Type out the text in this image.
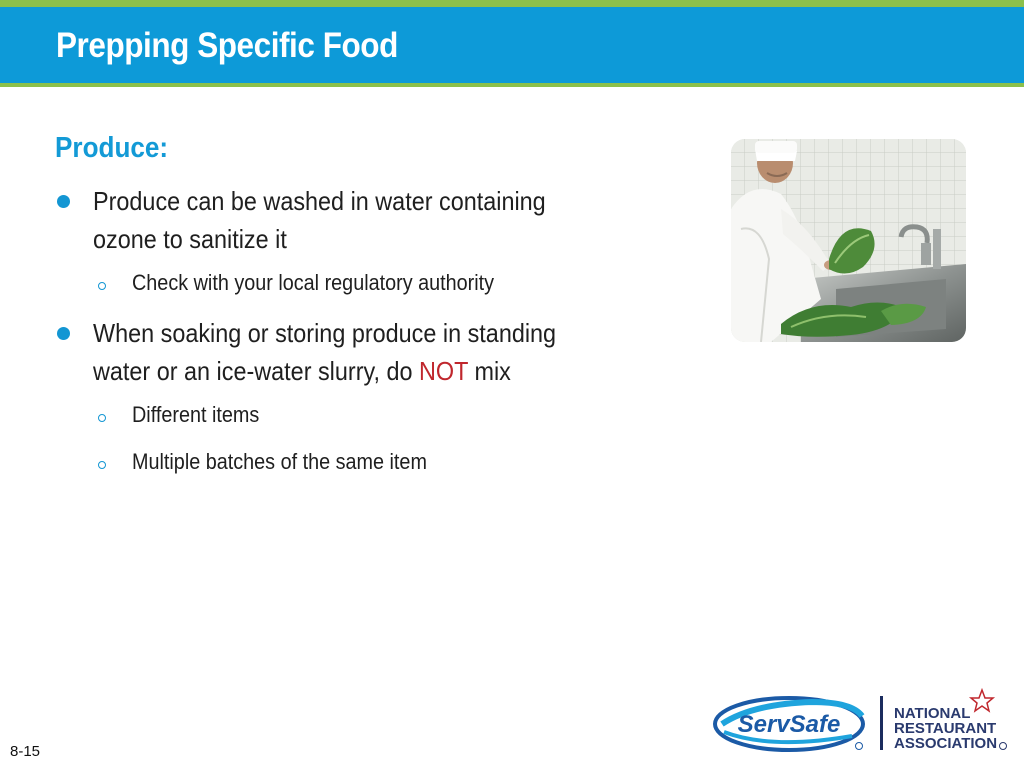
Prepping Specific Food
Produce:
Produce can be washed in water containing ozone to sanitize it
Check with your local regulatory authority
When soaking or storing produce in standing water or an ice-water slurry, do NOT mix
Different items
Multiple batches of the same item
8-15
ServSafe	NATIONAL
RESTAURANT
ASSOCIATION
